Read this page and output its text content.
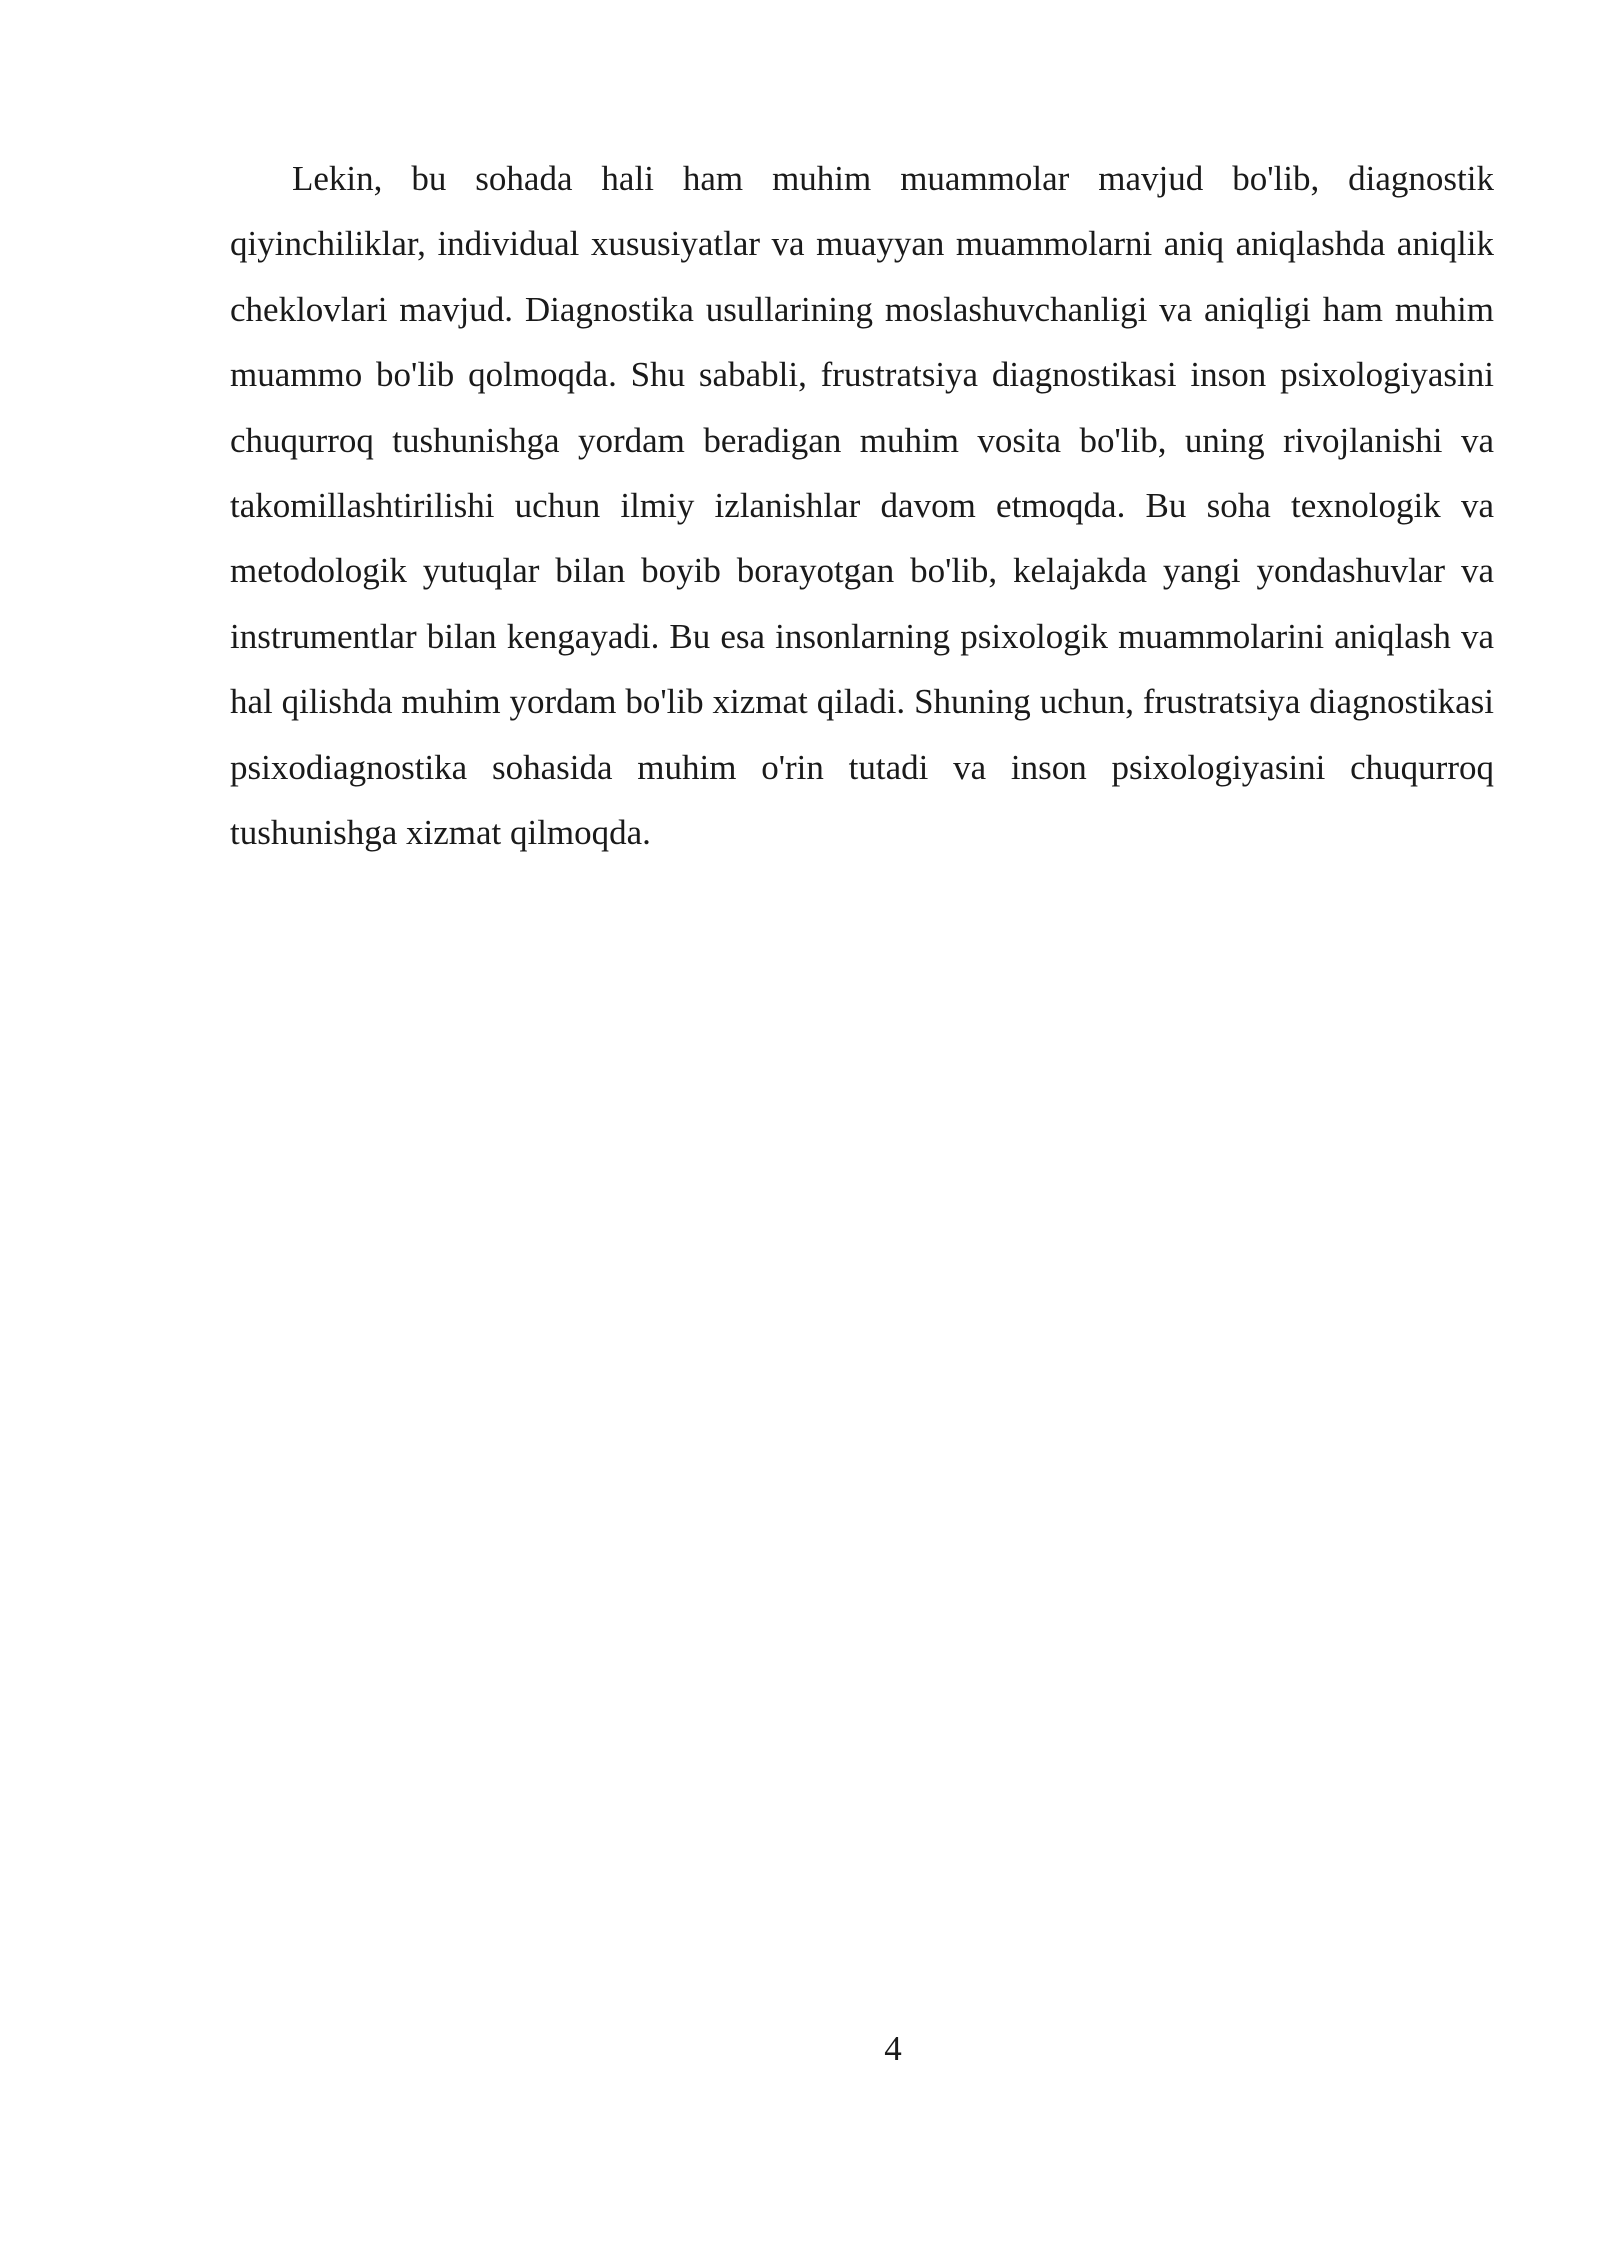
Lekin, bu sohada hali ham muhim muammolar mavjud bo'lib, diagnostik qiyinchiliklar, individual xususiyatlar va muayyan muammolarni aniq aniqlashda aniqlik cheklovlari mavjud. Diagnostika usullarining moslashuvchanligi va aniqligi ham muhim muammo bo'lib qolmoqda. Shu sababli, frustratsiya diagnostikasi inson psixologiyasini chuqurroq tushunishga yordam beradigan muhim vosita bo'lib, uning rivojlanishi va takomillashtirilishi uchun ilmiy izlanishlar davom etmoqda. Bu soha texnologik va metodologik yutuqlar bilan boyib borayotgan bo'lib, kelajakda yangi yondashuvlar va instrumentlar bilan kengayadi. Bu esa insonlarning psixologik muammolarini aniqlash va hal qilishda muhim yordam bo'lib xizmat qiladi. Shuning uchun, frustratsiya diagnostikasi psixodiagnostika sohasida muhim o'rin tutadi va inson psixologiyasini chuqurroq tushunishga xizmat qilmoqda.

4
